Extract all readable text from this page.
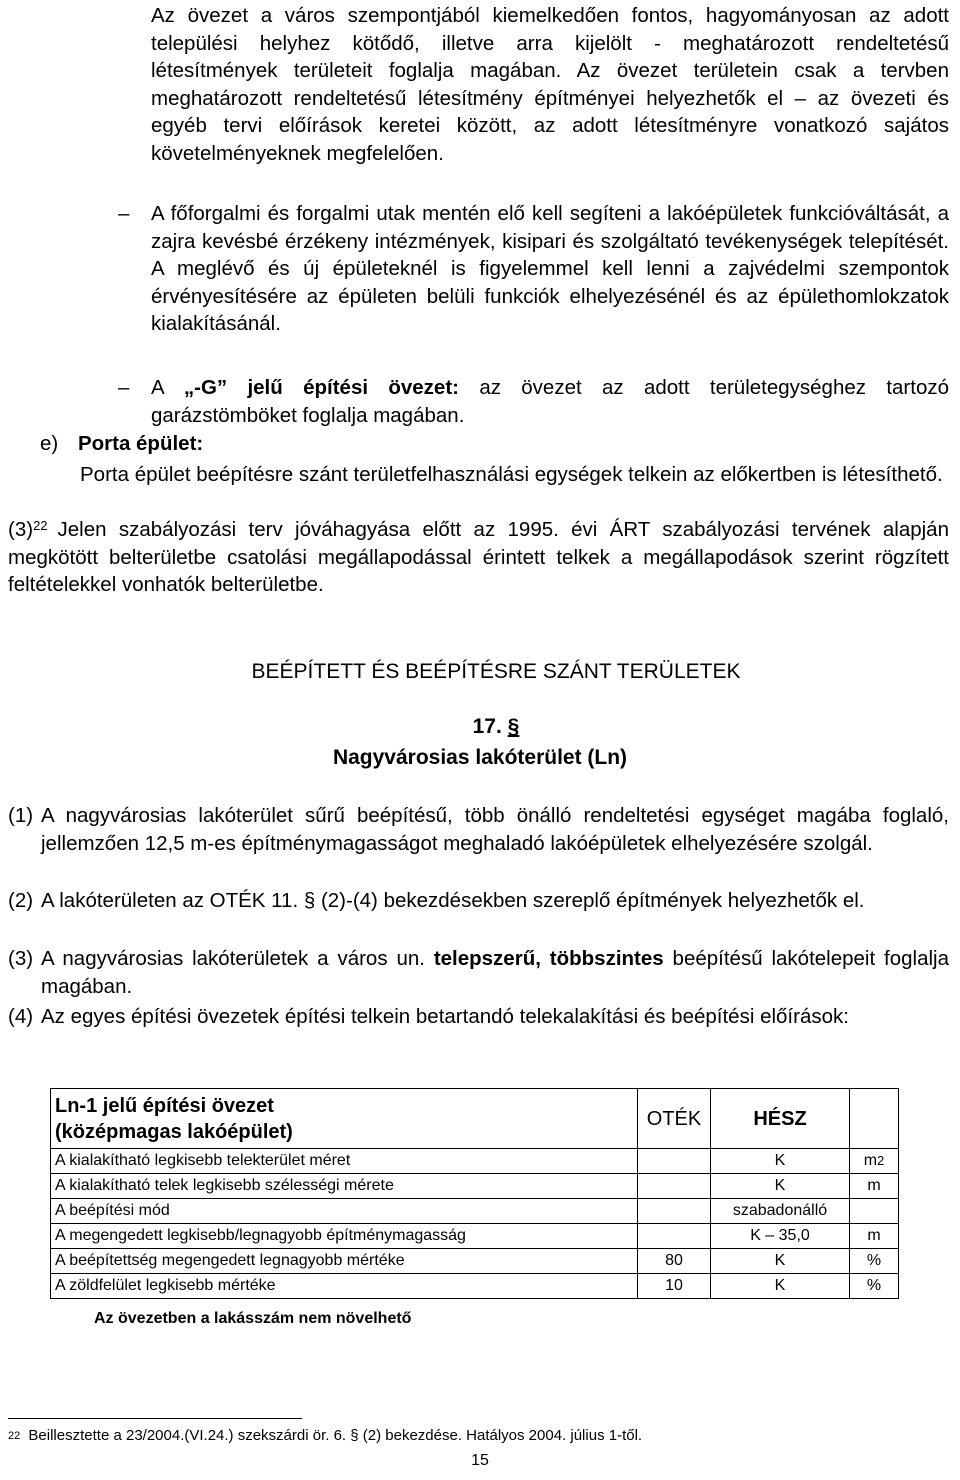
Az övezet a város szempontjából kiemelkedően fontos, hagyományosan az adott települési helyhez kötődő, illetve arra kijelölt - meghatározott rendeltetésű létesítmények területeit foglalja magában. Az övezet területein csak a tervben meghatározott rendeltetésű létesítmény építményei helyezhetők el – az övezeti és egyéb tervi előírások keretei között, az adott létesítményre vonatkozó sajátos követelményeknek megfelelően.
– A főforgalmi és forgalmi utak mentén elő kell segíteni a lakóépületek funkcióváltását, a zajra kevésbé érzékeny intézmények, kisipari és szolgáltató tevékenységek telepítését. A meglévő és új épületeknél is figyelemmel kell lenni a zajvédelmi szempontok érvényesítésére az épületen belüli funkciók elhelyezésénél és az épülethomlokzatok kialakításánál.
– A „-G” jelű építési övezet: az övezet az adott területegységhez tartozó garázstömböket foglalja magában.
e) Porta épület:
Porta épület beépítésre szánt területfelhasználási egységek telkein az előkertben is létesíthető.
$(3)^{22}$ Jelen szabályozási terv jóváhagyása előtt az 1995. évi ÁRT szabályozási tervének alapján megkötött belterületbe csatolási megállapodással érintett telkek a megállapodások szerint rögzített feltételekkel vonhatók belterületbe.
BEÉPÍTETT ÉS BEÉPÍTÉSRE SZÁNT TERÜLETEK
17. §
Nagyvárosias lakóterület (Ln)
(1) A nagyvárosias lakóterület sűrű beépítésű, több önálló rendeltetési egységet magába foglaló, jellemzően 12,5 m-es építménymagasságot meghaladó lakóépületek elhelyezésére szolgál.
(2) A lakóterületen az OTÉK 11. § (2)-(4) bekezdésekben szereplő építmények helyezhetők el.
(3) A nagyvárosias lakóterületek a város un. telepszerű, többszintes beépítésű lakótelepeit foglalja magában.
(4) Az egyes építési övezetek építési telkein betartandó telekalakítási és beépítési előírások:
Ln-1 jelű építési övezet
(középmagas lakóépület)	OTÉK	HÉSZ	
A kialakítható legkisebb telekterület méret		K	$m^2$
A kialakítható telek legkisebb szélességi mérete		K	m
A beépítési mód		szabadonálló	
A megengedett legkisebb/legnagyobb építménymagasság		K – 35,0	m
A beépítettség megengedett legnagyobb mértéke	80	K	%
A zöldfelület legkisebb mértéke	10	K	%
Az övezetben a lakásszám nem növelhető
$^{22}$ Beillesztette a 23/2004.(VI.24.) szekszárdi ör. 6. § (2) bekezdése. Hatályos 2004. július 1-től.
15
